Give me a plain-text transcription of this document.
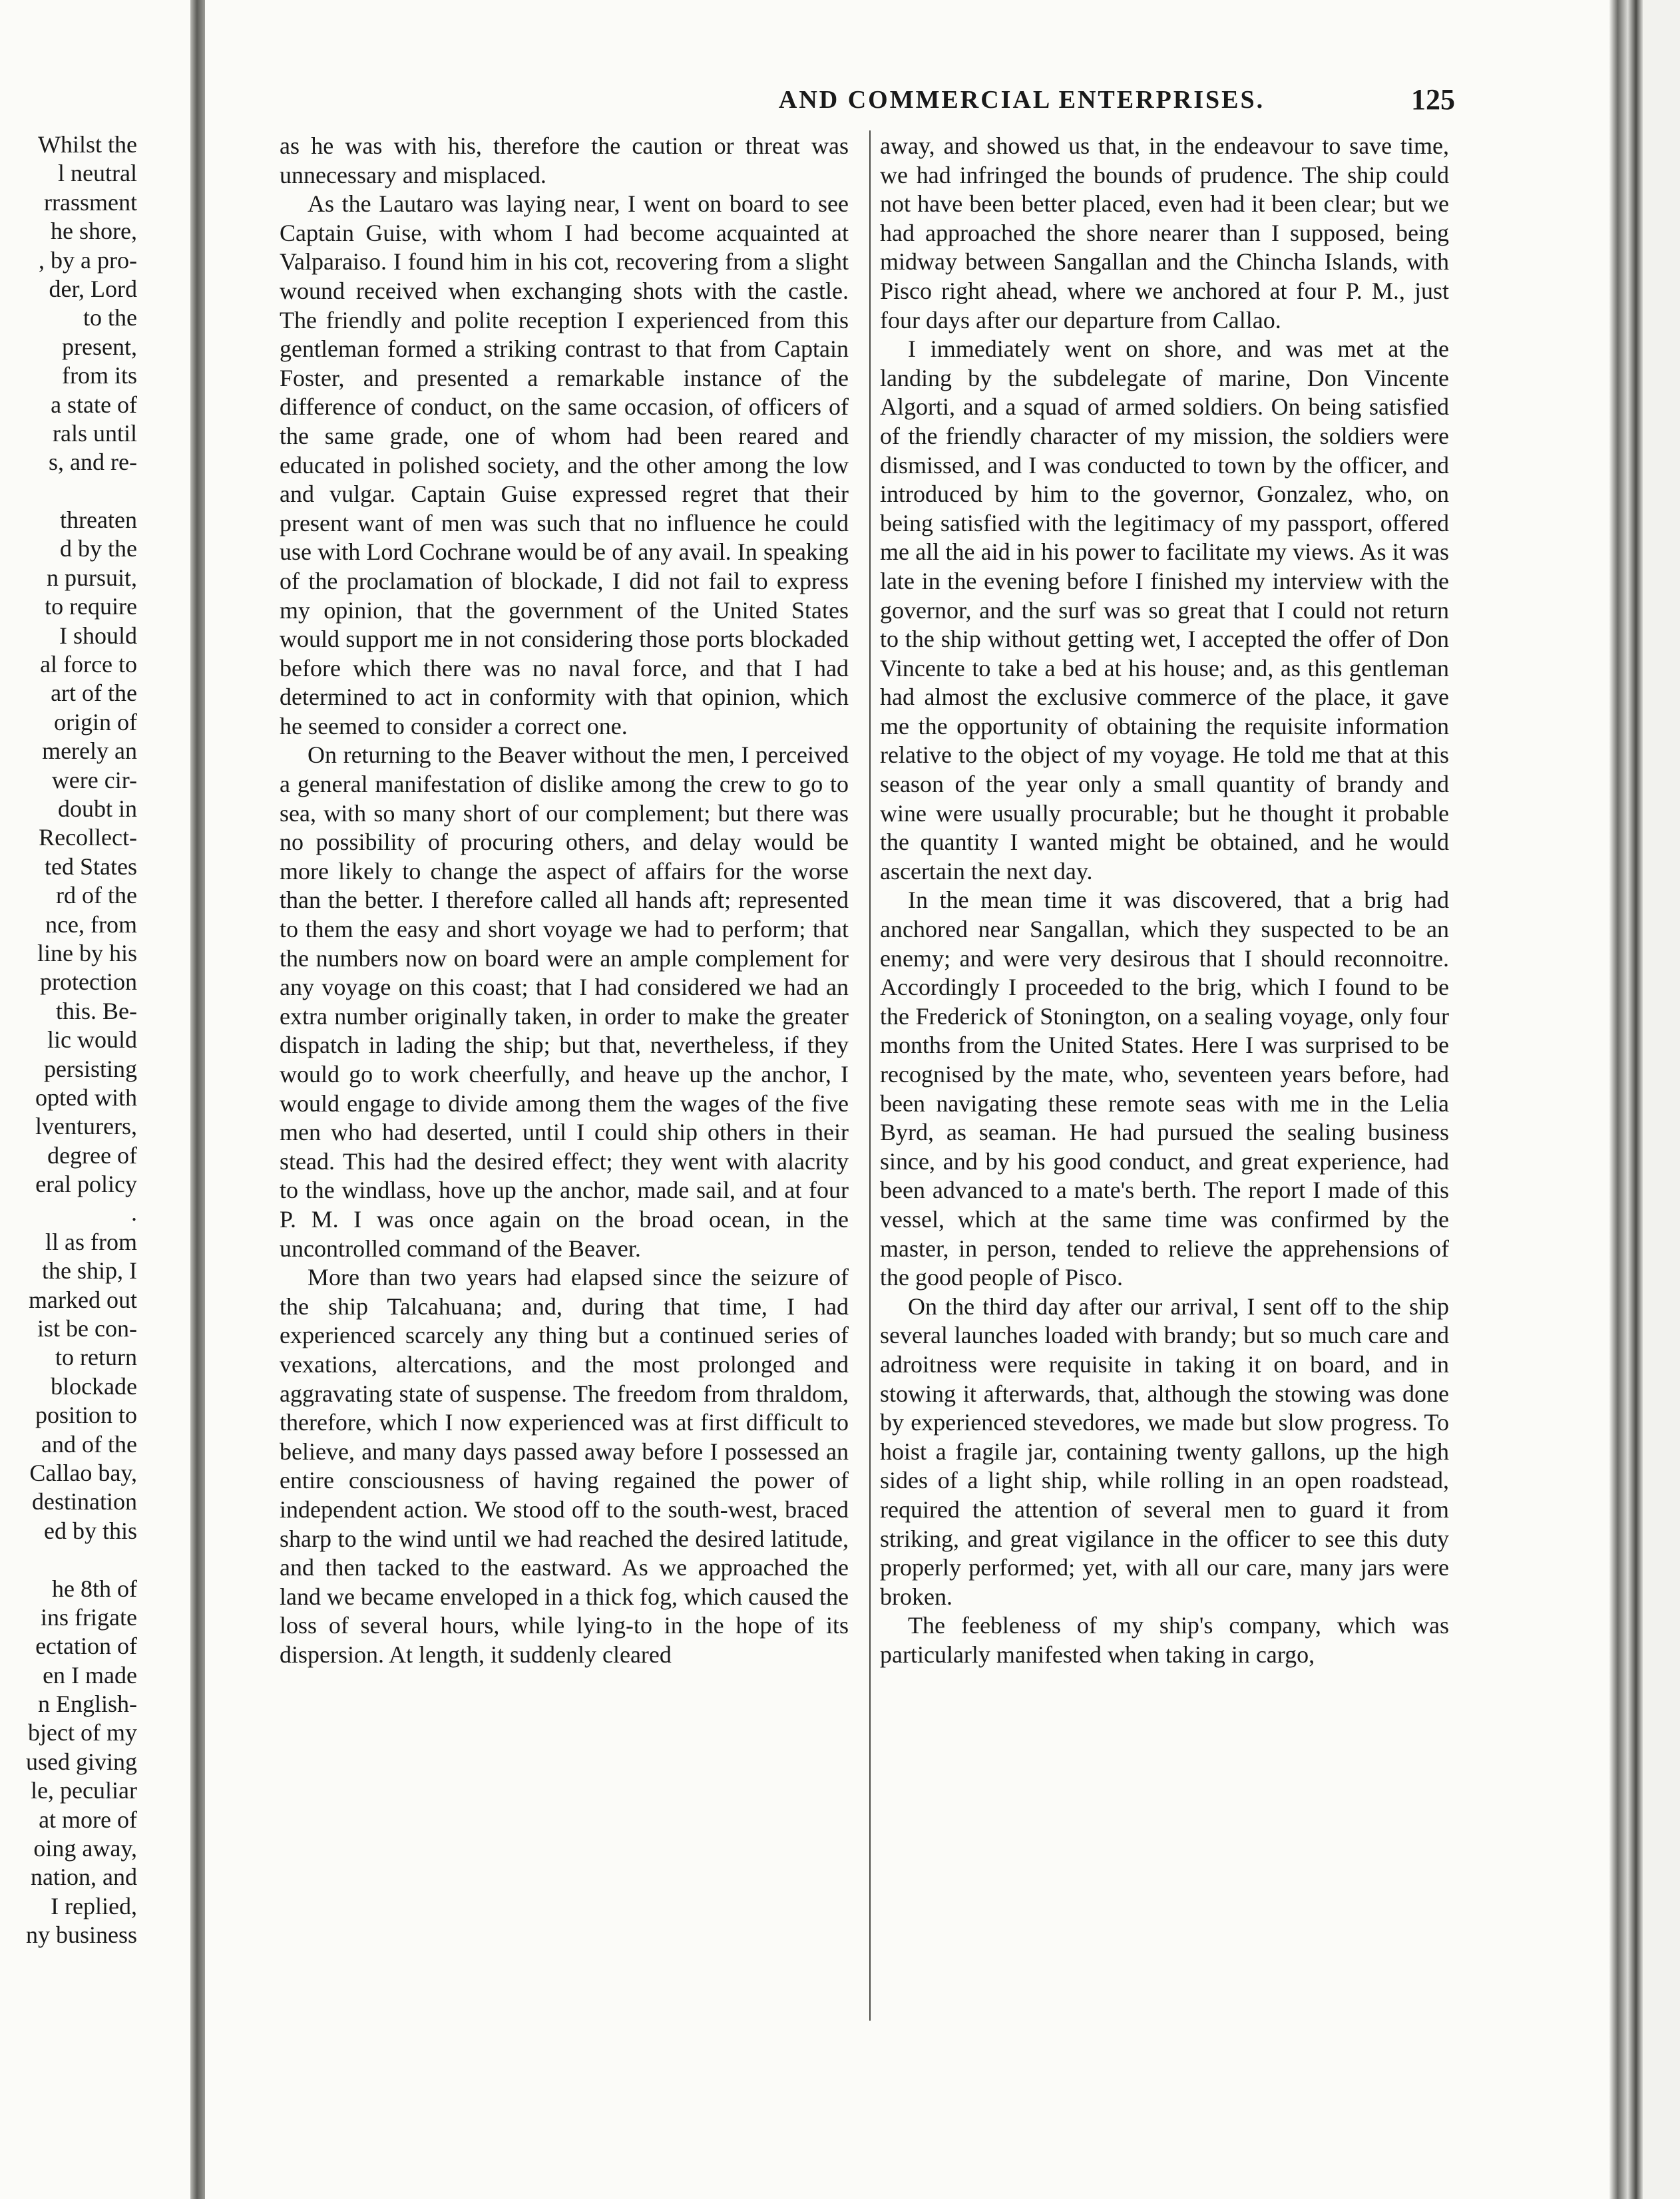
Whilst the
l neutral
rrassment
he shore,
, by a pro-
der, Lord
to the
present,
from its
a state of
rals until
s, and re-
threaten
d by the
n pursuit,
to require
I should
al force to
art of the
origin of
merely an
were cir-
doubt in
Recollect-
ted States
rd of the
nce, from
line by his
protection
this. Be-
lic would
persisting
opted with
lventurers,
degree of
eral policy
.
ll as from
the ship, I
marked out
ist be con-
to return
blockade
position to
and of the
Callao bay,
destination
ed by this
he 8th of
ins frigate
ectation of
en I made
n English-
bject of my
used giving
le, peculiar
at more of
oing away,
nation, and
I replied,
ny business
AND COMMERCIAL ENTERPRISES.	125

as he was with his, therefore the caution or threat was unnecessary and misplaced.

As the Lautaro was laying near, I went on board to see Captain Guise, with whom I had become acquainted at Valparaiso. I found him in his cot, recovering from a slight wound received when exchanging shots with the castle. The friendly and polite reception I experienced from this gentleman formed a striking contrast to that from Captain Foster, and presented a remarkable instance of the difference of conduct, on the same occasion, of officers of the same grade, one of whom had been reared and educated in polished society, and the other among the low and vulgar. Captain Guise expressed regret that their present want of men was such that no influence he could use with Lord Cochrane would be of any avail. In speaking of the proclamation of blockade, I did not fail to express my opinion, that the government of the United States would support me in not considering those ports blockaded before which there was no naval force, and that I had determined to act in conformity with that opinion, which he seemed to consider a correct one.

On returning to the Beaver without the men, I perceived a general manifestation of dislike among the crew to go to sea, with so many short of our complement; but there was no possibility of procuring others, and delay would be more likely to change the aspect of affairs for the worse than the better. I therefore called all hands aft; represented to them the easy and short voyage we had to perform; that the numbers now on board were an ample complement for any voyage on this coast; that I had considered we had an extra number originally taken, in order to make the greater dispatch in lading the ship; but that, nevertheless, if they would go to work cheerfully, and heave up the anchor, I would engage to divide among them the wages of the five men who had deserted, until I could ship others in their stead. This had the desired effect; they went with alacrity to the windlass, hove up the anchor, made sail, and at four P. M. I was once again on the broad ocean, in the uncontrolled command of the Beaver.

More than two years had elapsed since the seizure of the ship Talcahuana; and, during that time, I had experienced scarcely any thing but a continued series of vexations, altercations, and the most prolonged and aggravating state of suspense. The freedom from thraldom, therefore, which I now experienced was at first difficult to believe, and many days passed away before I possessed an entire consciousness of having regained the power of independent action. We stood off to the south-west, braced sharp to the wind until we had reached the desired latitude, and then tacked to the eastward. As we approached the land we became enveloped in a thick fog, which caused the loss of several hours, while lying-to in the hope of its dispersion. At length, it suddenly cleared

away, and showed us that, in the endeavour to save time, we had infringed the bounds of prudence. The ship could not have been better placed, even had it been clear; but we had approached the shore nearer than I supposed, being midway between Sangallan and the Chincha Islands, with Pisco right ahead, where we anchored at four P. M., just four days after our departure from Callao.

I immediately went on shore, and was met at the landing by the subdelegate of marine, Don Vincente Algorti, and a squad of armed soldiers. On being satisfied of the friendly character of my mission, the soldiers were dismissed, and I was conducted to town by the officer, and introduced by him to the governor, Gonzalez, who, on being satisfied with the legitimacy of my passport, offered me all the aid in his power to facilitate my views. As it was late in the evening before I finished my interview with the governor, and the surf was so great that I could not return to the ship without getting wet, I accepted the offer of Don Vincente to take a bed at his house; and, as this gentleman had almost the exclusive commerce of the place, it gave me the opportunity of obtaining the requisite information relative to the object of my voyage. He told me that at this season of the year only a small quantity of brandy and wine were usually procurable; but he thought it probable the quantity I wanted might be obtained, and he would ascertain the next day.

In the mean time it was discovered, that a brig had anchored near Sangallan, which they suspected to be an enemy; and were very desirous that I should reconnoitre. Accordingly I proceeded to the brig, which I found to be the Frederick of Stonington, on a sealing voyage, only four months from the United States. Here I was surprised to be recognised by the mate, who, seventeen years before, had been navigating these remote seas with me in the Lelia Byrd, as seaman. He had pursued the sealing business since, and by his good conduct, and great experience, had been advanced to a mate's berth. The report I made of this vessel, which at the same time was confirmed by the master, in person, tended to relieve the apprehensions of the good people of Pisco.

On the third day after our arrival, I sent off to the ship several launches loaded with brandy; but so much care and adroitness were requisite in taking it on board, and in stowing it afterwards, that, although the stowing was done by experienced stevedores, we made but slow progress. To hoist a fragile jar, containing twenty gallons, up the high sides of a light ship, while rolling in an open roadstead, required the attention of several men to guard it from striking, and great vigilance in the officer to see this duty properly performed; yet, with all our care, many jars were broken.

The feebleness of my ship's company, which was particularly manifested when taking in cargo,
